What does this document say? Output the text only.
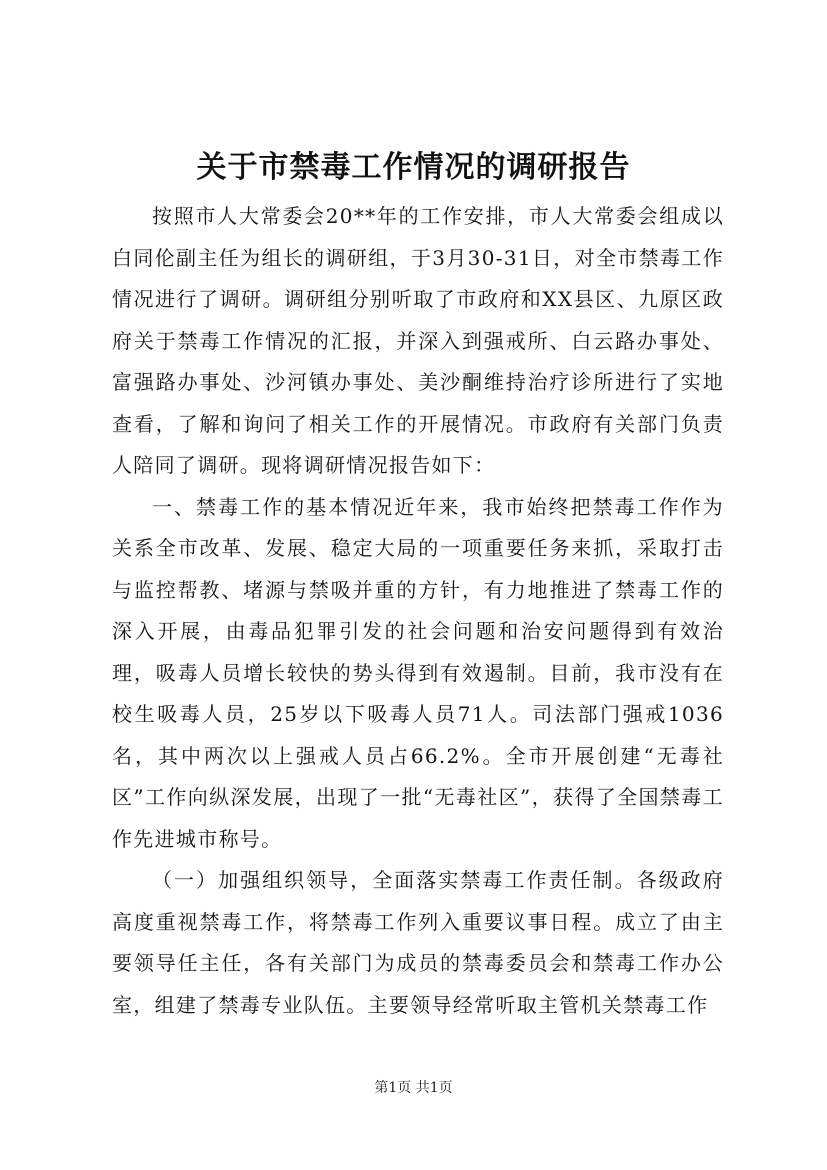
关于市禁毒工作情况的调研报告

按照市人大常委会20**年的工作安排，市人大常委会组成以白同伦副主任为组长的调研组，于3月30-31日，对全市禁毒工作情况进行了调研。调研组分别听取了市政府和XX县区、九原区政府关于禁毒工作情况的汇报，并深入到强戒所、白云路办事处、富强路办事处、沙河镇办事处、美沙酮维持治疗诊所进行了实地查看，了解和询问了相关工作的开展情况。市政府有关部门负责人陪同了调研。现将调研情况报告如下：

一、禁毒工作的基本情况近年来，我市始终把禁毒工作作为关系全市改革、发展、稳定大局的一项重要任务来抓，采取打击与监控帮教、堵源与禁吸并重的方针，有力地推进了禁毒工作的深入开展，由毒品犯罪引发的社会问题和治安问题得到有效治理，吸毒人员增长较快的势头得到有效遏制。目前，我市没有在校生吸毒人员，25岁以下吸毒人员71人。司法部门强戒1036名，其中两次以上强戒人员占66.2%。全市开展创建“无毒社区”工作向纵深发展，出现了一批“无毒社区”，获得了全国禁毒工作先进城市称号。

（一）加强组织领导，全面落实禁毒工作责任制。各级政府高度重视禁毒工作，将禁毒工作列入重要议事日程。成立了由主要领导任主任，各有关部门为成员的禁毒委员会和禁毒工作办公室，组建了禁毒专业队伍。主要领导经常听取主管机关禁毒工作

第1页 共1页
